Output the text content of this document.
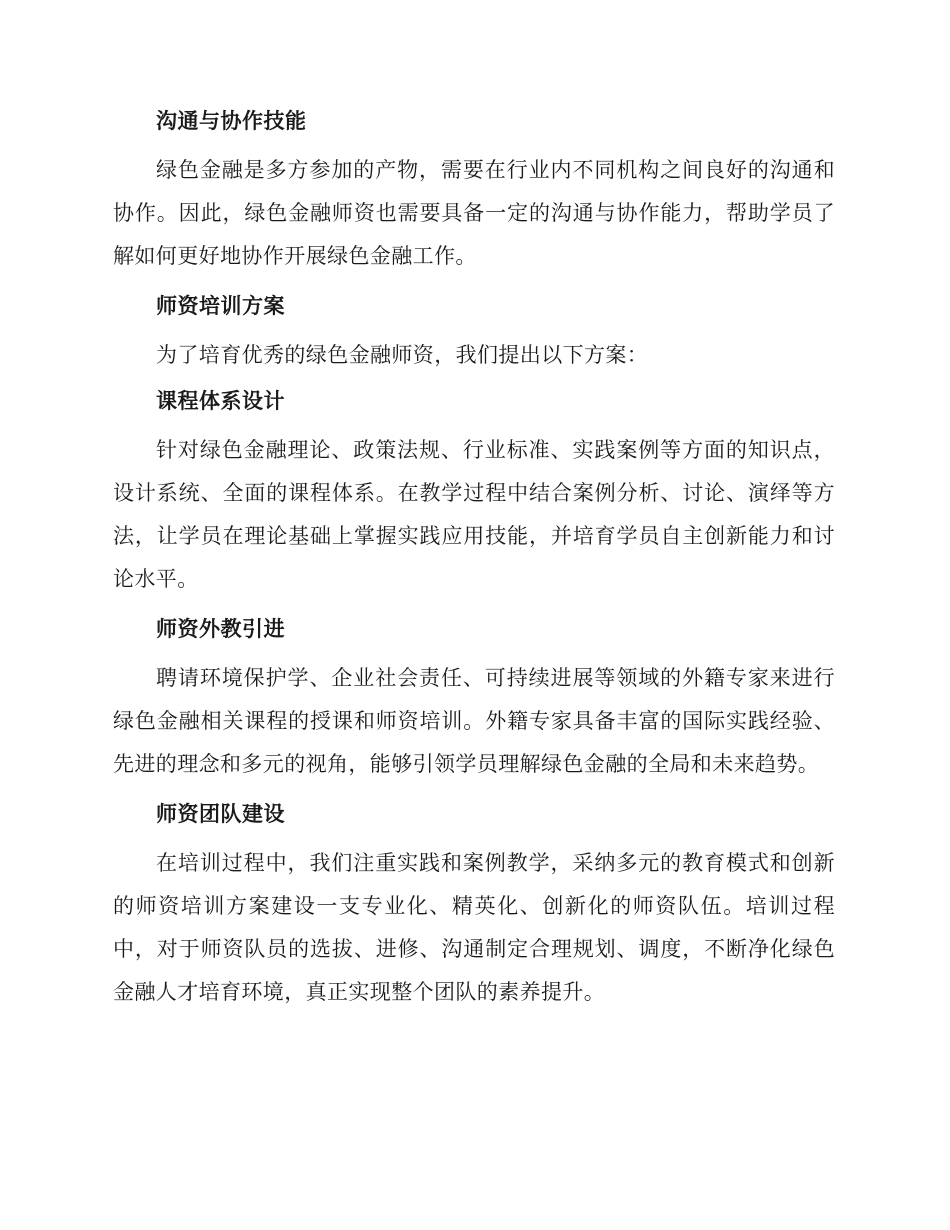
沟通与协作技能

绿色金融是多方参加的产物，需要在行业内不同机构之间良好的沟通和协作。因此，绿色金融师资也需要具备一定的沟通与协作能力，帮助学员了解如何更好地协作开展绿色金融工作。

师资培训方案

为了培育优秀的绿色金融师资，我们提出以下方案：

课程体系设计

针对绿色金融理论、政策法规、行业标准、实践案例等方面的知识点，设计系统、全面的课程体系。在教学过程中结合案例分析、讨论、演绎等方法，让学员在理论基础上掌握实践应用技能，并培育学员自主创新能力和讨论水平。

师资外教引进

聘请环境保护学、企业社会责任、可持续进展等领域的外籍专家来进行绿色金融相关课程的授课和师资培训。外籍专家具备丰富的国际实践经验、先进的理念和多元的视角，能够引领学员理解绿色金融的全局和未来趋势。

师资团队建设

在培训过程中，我们注重实践和案例教学，采纳多元的教育模式和创新的师资培训方案建设一支专业化、精英化、创新化的师资队伍。培训过程中，对于师资队员的选拔、进修、沟通制定合理规划、调度，不断净化绿色金融人才培育环境，真正实现整个团队的素养提升。
